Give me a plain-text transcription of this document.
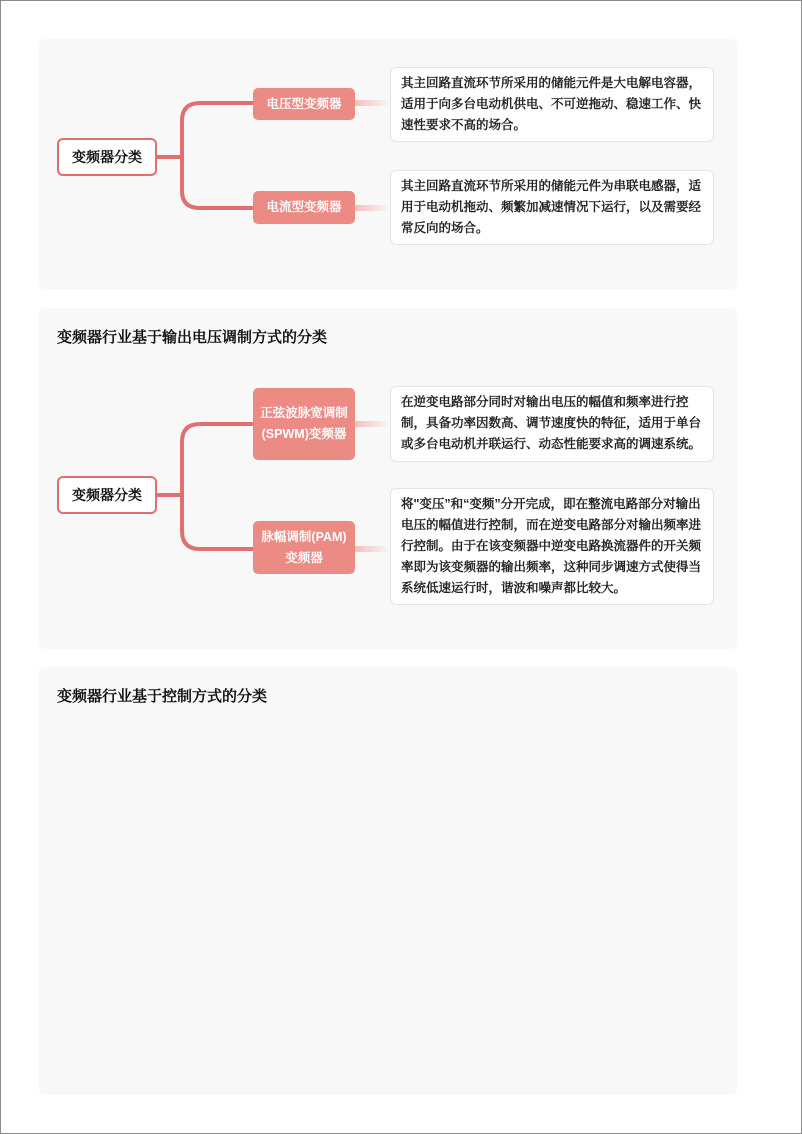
变频器分类
电压型变频器
电流型变频器
其主回路直流环节所采用的储能元件是大电解电容器，适用于向多台电动机供电、不可逆拖动、稳速工作、快速性要求不高的场合。
其主回路直流环节所采用的储能元件为串联电感器，适用于电动机拖动、频繁加减速情况下运行，以及需要经常反向的场合。
变频器行业基于输出电压调制方式的分类
变频器分类
正弦波脉宽调制(SPWM)变频器
脉幅调制(PAM)变频器
在逆变电路部分同时对输出电压的幅值和频率进行控制，具备功率因数高、调节速度快的特征，适用于单台或多台电动机并联运行、动态性能要求高的调速系统。
将"变压”和“变频”分开完成，即在整流电路部分对输出电压的幅值进行控制，而在逆变电路部分对输出频率进行控制。由于在该变频器中逆变电路换流器件的开关频率即为该变频器的输出频率，这种同步调速方式使得当系统低速运行时，谐波和噪声都比较大。
变频器行业基于控制方式的分类
